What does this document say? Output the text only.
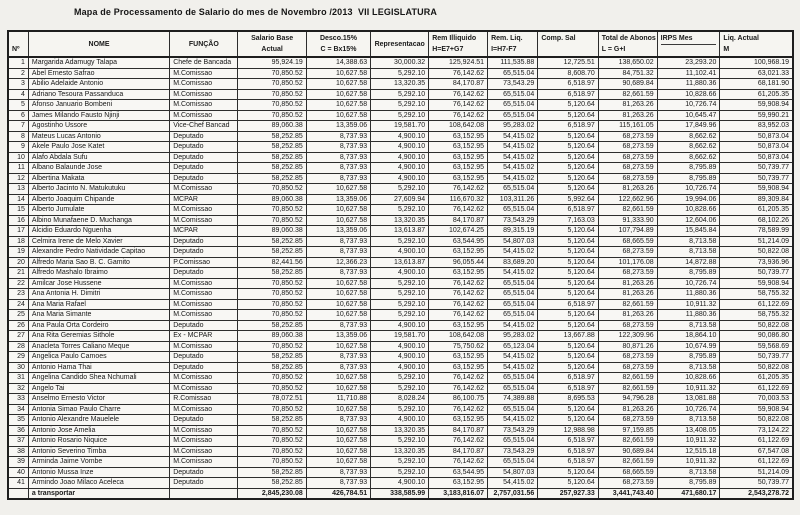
Mapa de Processamento de Salario do mes de Novembro /2013  VII LEGISLATURA
Nº	NOME	FUNÇÃO	Salario Base
Actual	Desco.15%
C = Bx15%	Representacao	Rem Illiquido
H=E7+G7	Rem. Liq.
I=H7-F7	Comp. Sal	Total de Abonos
L = G+I	IRPS Mes	Liq. Actual
M

1	Margarida Adamugy Talapa	Chefe de Bancada	95,924.19	14,388.63	30,000.32	125,924.51	111,535.88	12,725.51	138,650.02	23,293.20	100,968.19
2	Abel Ernesto Safrao	M.Comissao	70,850.52	10,627.58	5,292.10	76,142.62	65,515.04	8,608.70	84,751.32	11,102.41	63,021.33
3	Abilio Adelaide Antonio	M.Comissao	70,850.52	10,627.58	13,320.35	84,170.87	73,543.29	6,518.97	90,689.84	11,880.36	68,181.90
4	Adriano Tesoura Passanduca	M.Comissao	70,850.52	10,627.58	5,292.10	76,142.62	65,515.04	6,518.97	82,661.59	10,828.66	61,205.35
5	Afonso Januario Bombeni	M.Comissao	70,850.52	10,627.58	5,292.10	76,142.62	65,515.04	5,120.64	81,263.26	10,726.74	59,908.94
6	James Milando Fausto Njinji	M.Comissao	70,850.52	10,627.58	5,292.10	76,142.62	65,515.04	5,120.64	81,263.26	10,645.47	59,990.21
7	Agostinho Ussore	Vice-Chef Bancad	89,060.38	13,359.06	19,581.70	108,642.08	95,283.02	6,518.97	115,161.05	17,849.96	83,952.03
8	Mateus Lucas Antonio	Deputado	58,252.85	8,737.93	4,900.10	63,152.95	54,415.02	5,120.64	68,273.59	8,662.62	50,873.04
9	Akele Paulo Jose Katet	Deputado	58,252.85	8,737.93	4,900.10	63,152.95	54,415.02	5,120.64	68,273.59	8,662.62	50,873.04
10	Alafo Abdala Sufu	Deputado	58,252.85	8,737.93	4,900.10	63,152.95	54,415.02	5,120.64	68,273.59	8,662.62	50,873.04
11	Albano Balaunde Jose	Deputado	58,252.85	8,737.93	4,900.10	63,152.95	54,415.02	5,120.64	68,273.59	8,795.89	50,739.77
12	Albertina Makata	Deputado	58,252.85	8,737.93	4,900.10	63,152.95	54,415.02	5,120.64	68,273.59	8,795.89	50,739.77
13	Alberto Jacinto N. Matukutuku	M.Comissao	70,850.52	10,627.58	5,292.10	76,142.62	65,515.04	5,120.64	81,263.26	10,726.74	59,908.94
14	Alberto Joaquim Chipande	MCPAR	89,060.38	13,359.06	27,609.94	116,670.32	103,311.26	5,992.64	122,662.96	19,994.06	89,309.84
15	Alberto Jumulate	M.Comissao	70,850.52	10,627.58	5,292.10	76,142.62	65,515.04	6,518.97	82,661.59	10,828.66	61,205.35
16	Albino Munafaene D. Muchanga	M.Comissao	70,850.52	10,627.58	13,320.35	84,170.87	73,543.29	7,163.03	91,333.90	12,604.06	68,102.26
17	Alcidio Eduardo Nguenha	MCPAR	89,060.38	13,359.06	13,613.87	102,674.25	89,315.19	5,120.64	107,794.89	15,845.84	78,589.99
18	Celmira Irene de Melo Xavier	Deputado	58,252.85	8,737.93	5,292.10	63,544.95	54,807.03	5,120.64	68,665.59	8,713.58	51,214.09
19	Alexandre Pedro Natividade Capitao	Deputado	58,252.85	8,737.93	4,900.10	63,152.95	54,415.02	5,120.64	68,273.59	8,713.58	50,822.08
20	Alfredo Maria Sao B. C. Gamito	P.Comissao	82,441.56	12,366.23	13,613.87	96,055.44	83,689.20	5,120.64	101,176.08	14,872.88	73,936.96
21	Alfredo Mashalo Ibraimo	Deputado	58,252.85	8,737.93	4,900.10	63,152.95	54,415.02	5,120.64	68,273.59	8,795.89	50,739.77
22	Amilcar Jose Hussene	M.Comissao	70,850.52	10,627.58	5,292.10	76,142.62	65,515.04	5,120.64	81,263.26	10,726.74	59,908.94
23	Ana Antonia H. Dimitri	M.Comissao	70,850.52	10,627.58	5,292.10	76,142.62	65,515.04	5,120.64	81,263.26	11,880.36	58,755.32
24	Ana Maria Rafael	M.Comissao	70,850.52	10,627.58	5,292.10	76,142.62	65,515.04	6,518.97	82,661.59	10,911.32	61,122.69
25	Ana Maria Simante	M.Comissao	70,850.52	10,627.58	5,292.10	76,142.62	65,515.04	5,120.64	81,263.26	11,880.36	58,755.32
26	Ana Paula Orta Cordeiro	Deputado	58,252.85	8,737.93	4,900.10	63,152.95	54,415.02	5,120.64	68,273.59	8,713.58	50,822.08
27	Ana Rita Geremias Sithole	Ex - MCPAR	89,060.38	13,359.06	19,581.70	108,642.08	95,283.02	13,667.88	122,309.96	18,864.10	90,086.80
28	Anacleta Torres Caliano Meque	M.Comissao	70,850.52	10,627.58	4,900.10	75,750.62	65,123.04	5,120.64	80,871.26	10,674.99	59,568.69
29	Angelica Paulo Camoes	Deputado	58,252.85	8,737.93	4,900.10	63,152.95	54,415.02	5,120.64	68,273.59	8,795.89	50,739.77
30	Antonio Hama Thai	Deputado	58,252.85	8,737.93	4,900.10	63,152.95	54,415.02	5,120.64	68,273.59	8,713.58	50,822.08
31	Angelina Candido Shea Nchumali	M.Comissao	70,850.52	10,627.58	5,292.10	76,142.62	65,515.04	6,518.97	82,661.59	10,828.66	61,205.35
32	Angelo Tai	M.Comissao	70,850.52	10,627.58	5,292.10	76,142.62	65,515.04	6,518.97	82,661.59	10,911.32	61,122.69
33	Anselmo Ernesto Victor	R.Comissao	78,072.51	11,710.88	8,028.24	86,100.75	74,389.88	8,695.53	94,796.28	13,081.88	70,003.53
34	Antonia Simao Paulo Charre	M.Comissao	70,850.52	10,627.58	5,292.10	76,142.62	65,515.04	5,120.64	81,263.26	10,726.74	59,908.94
35	Antonio Alexandre Mauelele	Deputado	58,252.85	8,737.93	4,900.10	63,152.95	54,415.02	5,120.64	68,273.59	8,713.58	50,822.08
36	Antonio Jose Amelia	M.Comissao	70,850.52	10,627.58	13,320.35	84,170.87	73,543.29	12,988.98	97,159.85	13,408.05	73,124.22
37	Antonio Rosario Niquice	M.Comissao	70,850.52	10,627.58	5,292.10	76,142.62	65,515.04	6,518.97	82,661.59	10,911.32	61,122.69
38	Antonio Severino Timba	M.Comissao	70,850.52	10,627.58	13,320.35	84,170.87	73,543.29	6,518.97	90,689.84	12,515.18	67,547.08
39	Arminda Jaime Vombe	M.Comissao	70,850.52	10,627.58	5,292.10	76,142.62	65,515.04	6,518.97	82,661.59	10,911.32	61,122.69
40	Antonio Mussa Inze	Deputado	58,252.85	8,737.93	5,292.10	63,544.95	54,807.03	5,120.64	68,665.59	8,713.58	51,214.09
41	Armindo Joao Milaco Aceleca	Deputado	58,252.85	8,737.93	4,900.10	63,152.95	54,415.02	5,120.64	68,273.59	8,795.89	50,739.77
	a transportar		2,845,230.08	426,784.51	338,585.99	3,183,816.07	2,757,031.56	257,927.33	3,441,743.40	471,680.17	2,543,278.72
